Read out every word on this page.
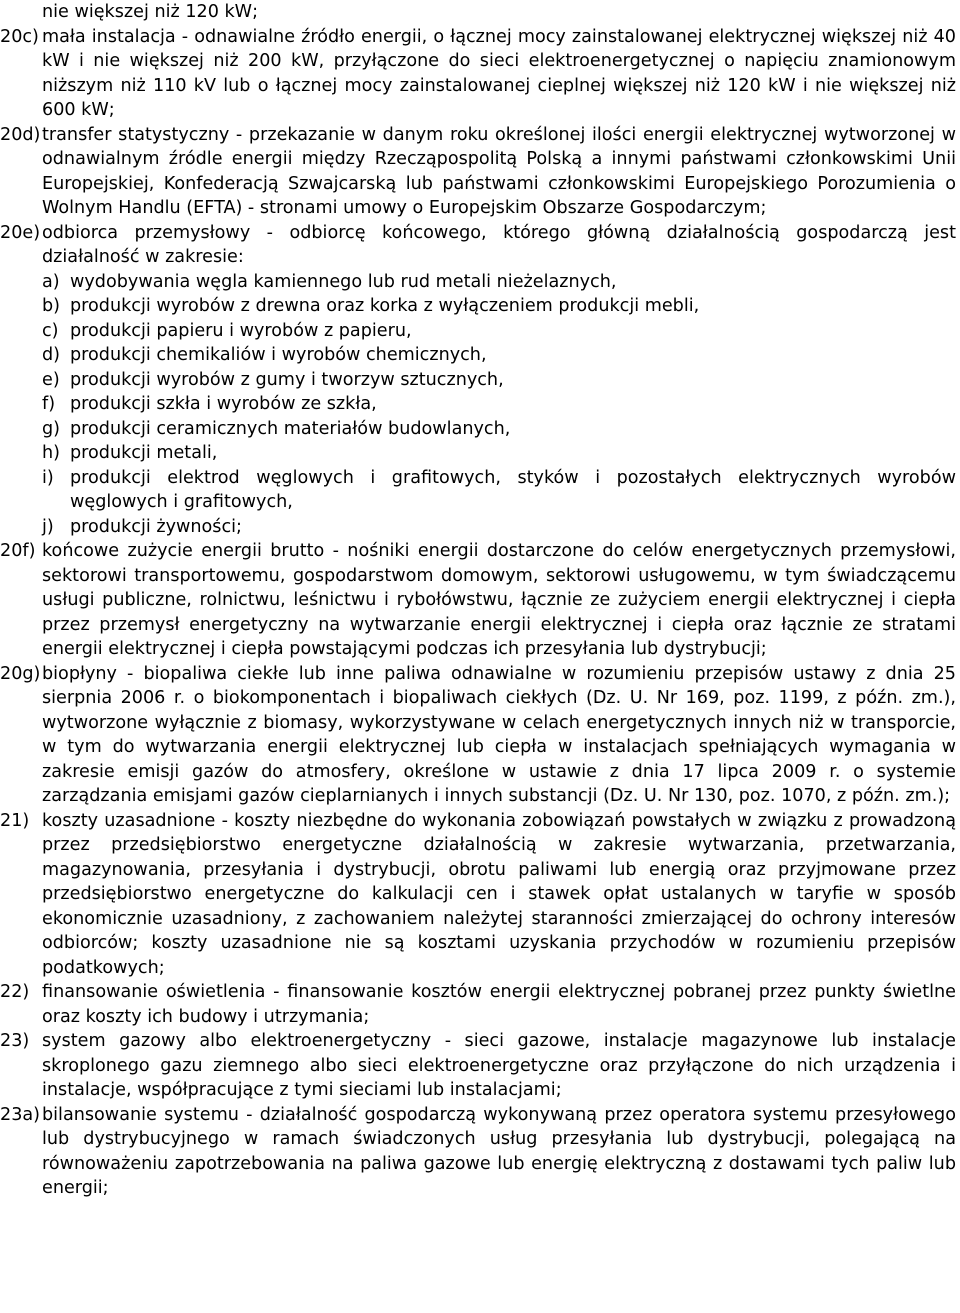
nie większej niż 120 kW;
20c) mała instalacja - odnawialne źródło energii, o łącznej mocy zainstalowanej elektrycznej większej niż 40 kW i nie większej niż 200 kW, przyłączone do sieci elektroenergetycznej o napięciu znamionowym niższym niż 110 kV lub o łącznej mocy zainstalowanej cieplnej większej niż 120 kW i nie większej niż 600 kW;
20d) transfer statystyczny - przekazanie w danym roku określonej ilości energii elektrycznej wytworzonej w odnawialnym źródle energii między Rzecząpospolitą Polską a innymi państwami członkowskimi Unii Europejskiej, Konfederacją Szwajcarską lub państwami członkowskimi Europejskiego Porozumienia o Wolnym Handlu (EFTA) - stronami umowy o Europejskim Obszarze Gospodarczym;
20e) odbiorca przemysłowy - odbiorcę końcowego, którego główną działalnością gospodarczą jest działalność w zakresie:
a) wydobywania węgla kamiennego lub rud metali nieżelaznych,
b) produkcji wyrobów z drewna oraz korka z wyłączeniem produkcji mebli,
c) produkcji papieru i wyrobów z papieru,
d) produkcji chemikaliów i wyrobów chemicznych,
e) produkcji wyrobów z gumy i tworzyw sztucznych,
f) produkcji szkła i wyrobów ze szkła,
g) produkcji ceramicznych materiałów budowlanych,
h) produkcji metali,
i) produkcji elektrod węglowych i grafitowych, styków i pozostałych elektrycznych wyrobów węglowych i grafitowych,
j) produkcji żywności;
20f) końcowe zużycie energii brutto - nośniki energii dostarczone do celów energetycznych przemysłowi, sektorowi transportowemu, gospodarstwom domowym, sektorowi usługowemu, w tym świadczącemu usługi publiczne, rolnictwu, leśnictwu i rybołówstwu, łącznie ze zużyciem energii elektrycznej i ciepła przez przemysł energetyczny na wytwarzanie energii elektrycznej i ciepła oraz łącznie ze stratami energii elektrycznej i ciepła powstającymi podczas ich przesyłania lub dystrybucji;
20g) biopłyny - biopaliwa ciekłe lub inne paliwa odnawialne w rozumieniu przepisów ustawy z dnia 25 sierpnia 2006 r. o biokomponentach i biopaliwach ciekłych (Dz. U. Nr 169, poz. 1199, z późn. zm.), wytworzone wyłącznie z biomasy, wykorzystywane w celach energetycznych innych niż w transporcie, w tym do wytwarzania energii elektrycznej lub ciepła w instalacjach spełniających wymagania w zakresie emisji gazów do atmosfery, określone w ustawie z dnia 17 lipca 2009 r. o systemie zarządzania emisjami gazów cieplarnianych i innych substancji (Dz. U. Nr 130, poz. 1070, z późn. zm.);
21) koszty uzasadnione - koszty niezbędne do wykonania zobowiązań powstałych w związku z prowadzoną przez przedsiębiorstwo energetyczne działalnością w zakresie wytwarzania, przetwarzania, magazynowania, przesyłania i dystrybucji, obrotu paliwami lub energią oraz przyjmowane przez przedsiębiorstwo energetyczne do kalkulacji cen i stawek opłat ustalanych w taryfie w sposób ekonomicznie uzasadniony, z zachowaniem należytej staranności zmierzającej do ochrony interesów odbiorców; koszty uzasadnione nie są kosztami uzyskania przychodów w rozumieniu przepisów podatkowych;
22) finansowanie oświetlenia - finansowanie kosztów energii elektrycznej pobranej przez punkty świetlne oraz koszty ich budowy i utrzymania;
23) system gazowy albo elektroenergetyczny - sieci gazowe, instalacje magazynowe lub instalacje skroplonego gazu ziemnego albo sieci elektroenergetyczne oraz przyłączone do nich urządzenia i instalacje, współpracujące z tymi sieciami lub instalacjami;
23a) bilansowanie systemu - działalność gospodarczą wykonywaną przez operatora systemu przesyłowego lub dystrybucyjnego w ramach świadczonych usług przesyłania lub dystrybucji, polegającą na równoważeniu zapotrzebowania na paliwa gazowe lub energię elektryczną z dostawami tych paliw lub energii;
